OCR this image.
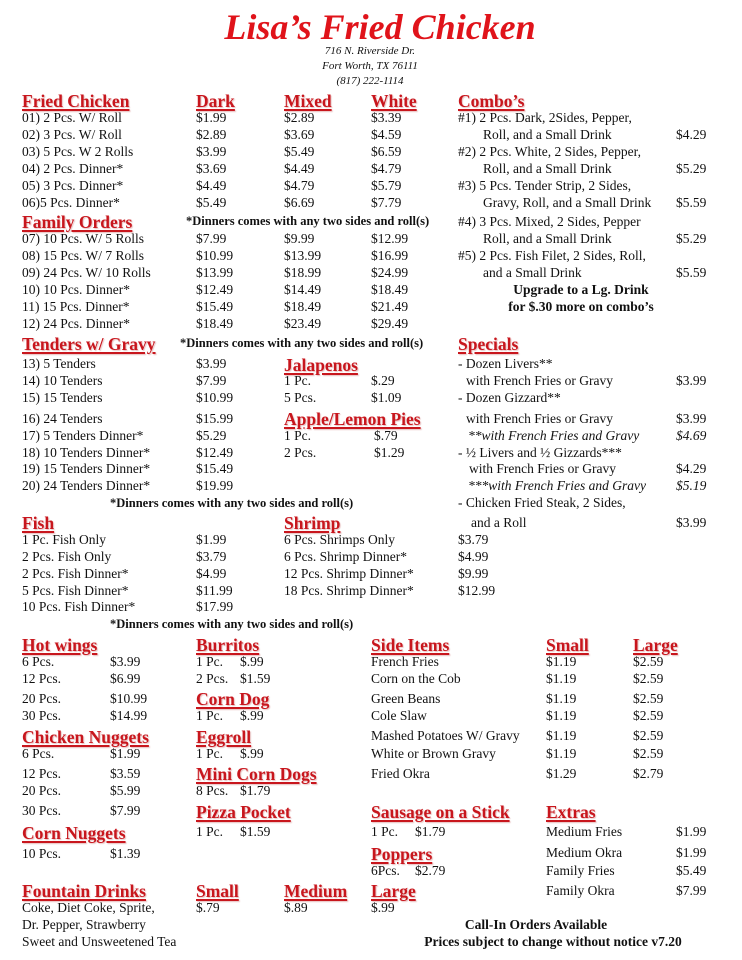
Lisa’s Fried Chicken
716 N. Riverside Dr.
Fort Worth, TX 76111
(817) 222-1114
Fried Chicken	Dark	Mixed White
01) 2 Pcs. W/ Roll	$1.99	$2.89	$3.39
02) 3 Pcs. W/ Roll	$2.89	$3.69	$4.59
03) 5 Pcs. W 2 Rolls	$3.99	$5.49	$6.59
04) 2 Pcs. Dinner*	$3.69	$4.49	$4.79
05) 3 Pcs. Dinner*	$4.49	$4.79	$5.79
06)5 Pcs. Dinner*	$5.49	$6.69	$7.79
Family Orders	*Dinners comes with any two sides and roll(s)
07) 10 Pcs. W/ 5 Rolls	$7.99	$9.99	$12.99
08) 15 Pcs. W/ 7 Rolls	$10.99	$13.99	$16.99
09) 24 Pcs. W/ 10 Rolls	$13.99	$18.99	$24.99
10) 10 Pcs. Dinner*	$12.49	$14.49	$18.49
11) 15 Pcs. Dinner*	$15.49	$18.49	$21.49
12) 24 Pcs. Dinner*	$18.49	$23.49	$29.49
Combo’s
#1) 2 Pcs. Dark, 2Sides, Pepper,
Roll, and a Small Drink	$4.29
#2) 2 Pcs. White, 2 Sides, Pepper,
Roll, and a Small Drink	$5.29
#3) 5 Pcs. Tender Strip, 2 Sides,
Gravy, Roll, and a Small Drink $5.59
#4) 3 Pcs. Mixed, 2 Sides, Pepper
Roll, and a Small Drink	$5.29
#5) 2 Pcs. Fish Filet, 2 Sides, Roll,
and a Small Drink	$5.59
Upgrade to a Lg. Drink
for $.30 more on combo’s
Tenders w/ Gravy *Dinners comes with any two sides and roll(s)
13) 5 Tenders	$3.99
14) 10 Tenders	$7.99
15) 15 Tenders	$10.99
16) 24 Tenders	$15.99
17) 5 Tenders Dinner*	$5.29
18) 10 Tenders Dinner*	$12.49
19) 15 Tenders Dinner*	$15.49
20) 24 Tenders Dinner*	$19.99
*Dinners comes with any two sides and roll(s)
Jalapenos
1 Pc.	$.29
5 Pcs.	$1.09
Apple/Lemon Pies
1 Pc.	$.79
2 Pcs.	$1.29
Specials
- Dozen Livers**
with French Fries or Gravy	$3.99
- Dozen Gizzard**
with French Fries or Gravy	$3.99
**with French Fries and Gravy	$4.69
- ½ Livers and ½ Gizzards***
with French Fries or Gravy	$4.29
***with French Fries and Gravy $5.19
- Chicken Fried Steak, 2 Sides,
and a Roll	$3.99
Fish
1 Pc. Fish Only	$1.99
2 Pcs. Fish Only	$3.79
2 Pcs. Fish Dinner*	$4.99
5 Pcs. Fish Dinner*	$11.99
10 Pcs. Fish Dinner*	$17.99
*Dinners comes with any two sides and roll(s)
Shrimp
6 Pcs. Shrimps Only	$3.79
6 Pcs. Shrimp Dinner*	$4.99
12 Pcs. Shrimp Dinner*	$9.99
18 Pcs. Shrimp Dinner*	$12.99
Hot wings
6 Pcs.	$3.99
12 Pcs.	$6.99
20 Pcs.	$10.99
30 Pcs.	$14.99
Chicken Nuggets
6 Pcs.	$1.99
12 Pcs.	$3.59
20 Pcs.	$5.99
30 Pcs.	$7.99
Corn Nuggets
10 Pcs.	$1.39
Burritos
1 Pc. $.99
2 Pcs. $1.59
Corn Dog
1 Pc. $.99
Eggroll
1 Pc. $.99
Mini Corn Dogs
8 Pcs. $1.79
Pizza Pocket
1 Pc. $1.59
Side Items	Small	Large
French Fries	$1.19	$2.59
Corn on the Cob	$1.19	$2.59
Green Beans	$1.19	$2.59
Cole Slaw	$1.19	$2.59
Mashed Potatoes W/ Gravy $1.19	$2.59
White or Brown Gravy	$1.19	$2.59
Fried Okra	$1.29	$2.79
Sausage on a Stick
1 Pc. $1.79
Poppers
6Pcs. $2.79
Extras
Medium Fries	$1.99
Medium Okra	$1.99
Family Fries	$5.49
Family Okra	$7.99
Fountain Drinks	Small
$.79
Medium
$.89
Large
$.99
Coke, Diet Coke, Sprite,
Dr. Pepper, Strawberry
Sweet and Unsweetened Tea
Call-In Orders Available
Prices subject to change without notice v7.20
